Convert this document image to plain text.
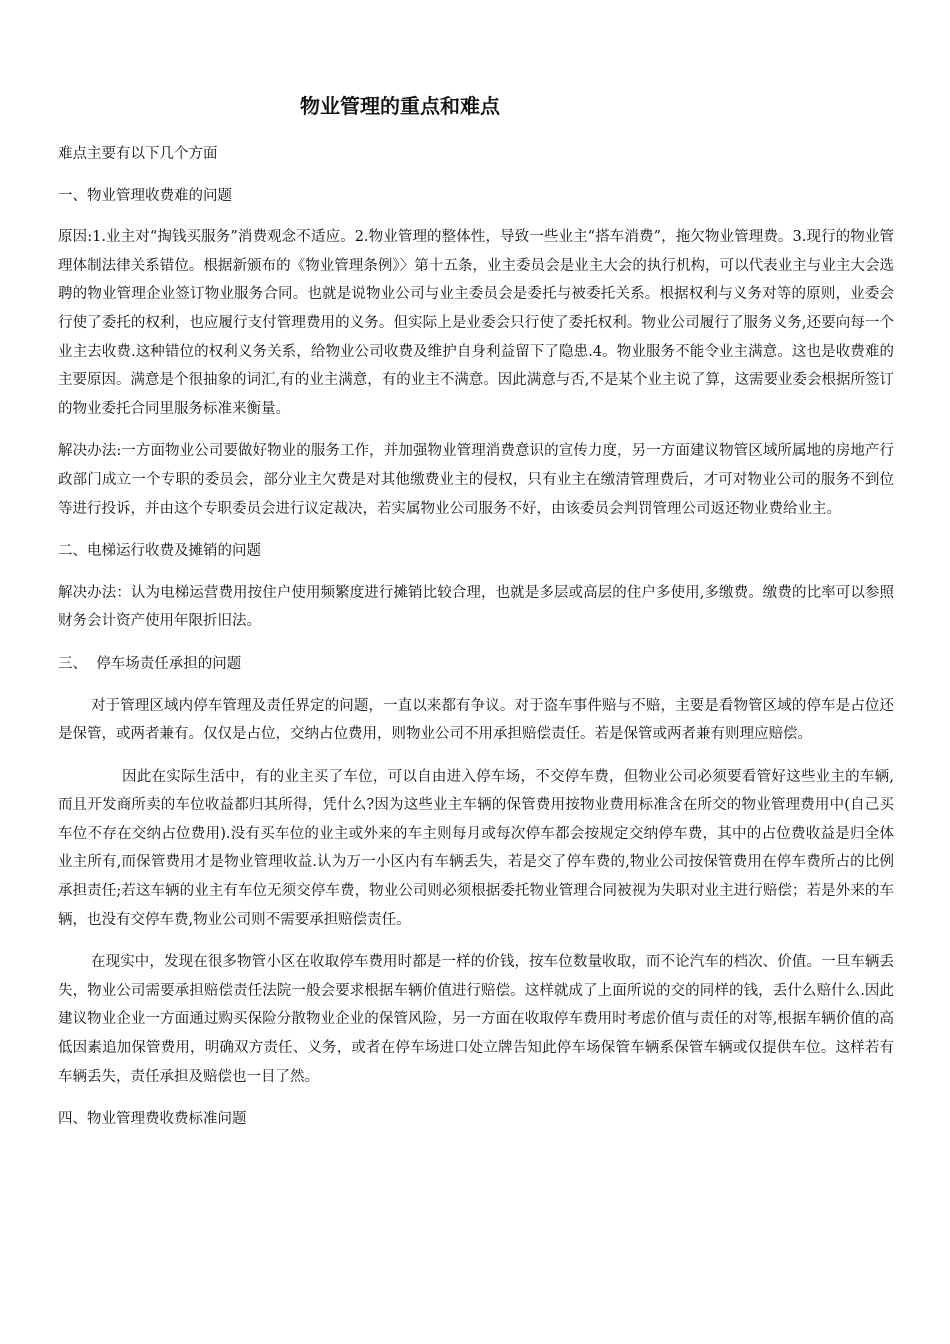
物业管理的重点和难点

难点主要有以下几个方面

一、物业管理收费难的问题

原因:1.业主对“掏钱买服务”消费观念不适应。2.物业管理的整体性，导致一些业主“搭车消费”，拖欠物业管理费。3.现行的物业管理体制法律关系错位。根据新颁布的《物业管理条例》〉第十五条，业主委员会是业主大会的执行机构，可以代表业主与业主大会选聘的物业管理企业签订物业服务合同。也就是说物业公司与业主委员会是委托与被委托关系。根据权利与义务对等的原则，业委会行使了委托的权利，也应履行支付管理费用的义务。但实际上是业委会只行使了委托权利。物业公司履行了服务义务,还要向每一个业主去收费.这种错位的权利义务关系，给物业公司收费及维护自身利益留下了隐患.4。物业服务不能令业主满意。这也是收费难的主要原因。满意是个很抽象的词汇,有的业主满意，有的业主不满意。因此满意与否,不是某个业主说了算，这需要业委会根据所签订的物业委托合同里服务标准来衡量。

解决办法:一方面物业公司要做好物业的服务工作，并加强物业管理消费意识的宣传力度，另一方面建议物管区域所属地的房地产行政部门成立一个专职的委员会，部分业主欠费是对其他缴费业主的侵权，只有业主在缴清管理费后，才可对物业公司的服务不到位等进行投诉，并由这个专职委员会进行议定裁决，若实属物业公司服务不好，由该委员会判罚管理公司返还物业费给业主。

二、电梯运行收费及摊销的问题

解决办法：认为电梯运营费用按住户使用频繁度进行摊销比较合理，也就是多层或高层的住户多使用,多缴费。缴费的比率可以参照财务会计资产使用年限折旧法。

三、  停车场责任承担的问题

对于管理区域内停车管理及责任界定的问题，一直以来都有争议。对于盗车事件赔与不赔，主要是看物管区域的停车是占位还是保管，或两者兼有。仅仅是占位，交纳占位费用，则物业公司不用承担赔偿责任。若是保管或两者兼有则理应赔偿。

因此在实际生活中，有的业主买了车位，可以自由进入停车场，不交停车费，但物业公司必须要看管好这些业主的车辆,而且开发商所卖的车位收益都归其所得，凭什么?因为这些业主车辆的保管费用按物业费用标准含在所交的物业管理费用中(自己买车位不存在交纳占位费用).没有买车位的业主或外来的车主则每月或每次停车都会按规定交纳停车费，其中的占位费收益是归全体业主所有,而保管费用才是物业管理收益.认为万一小区内有车辆丢失，若是交了停车费的,物业公司按保管费用在停车费所占的比例承担责任;若这车辆的业主有车位无须交停车费，物业公司则必须根据委托物业管理合同被视为失职对业主进行赔偿；若是外来的车辆，也没有交停车费,物业公司则不需要承担赔偿责任。

在现实中，发现在很多物管小区在收取停车费用时都是一样的价钱，按车位数量收取，而不论汽车的档次、价值。一旦车辆丢失，物业公司需要承担赔偿责任法院一般会要求根据车辆价值进行赔偿。这样就成了上面所说的交的同样的钱，丢什么赔什么.因此建议物业企业一方面通过购买保险分散物业企业的保管风险，另一方面在收取停车费用时考虑价值与责任的对等,根据车辆价值的高低因素追加保管费用，明确双方责任、义务，或者在停车场进口处立牌告知此停车场保管车辆系保管车辆或仅提供车位。这样若有车辆丢失，责任承担及赔偿也一目了然。

四、物业管理费收费标准问题
